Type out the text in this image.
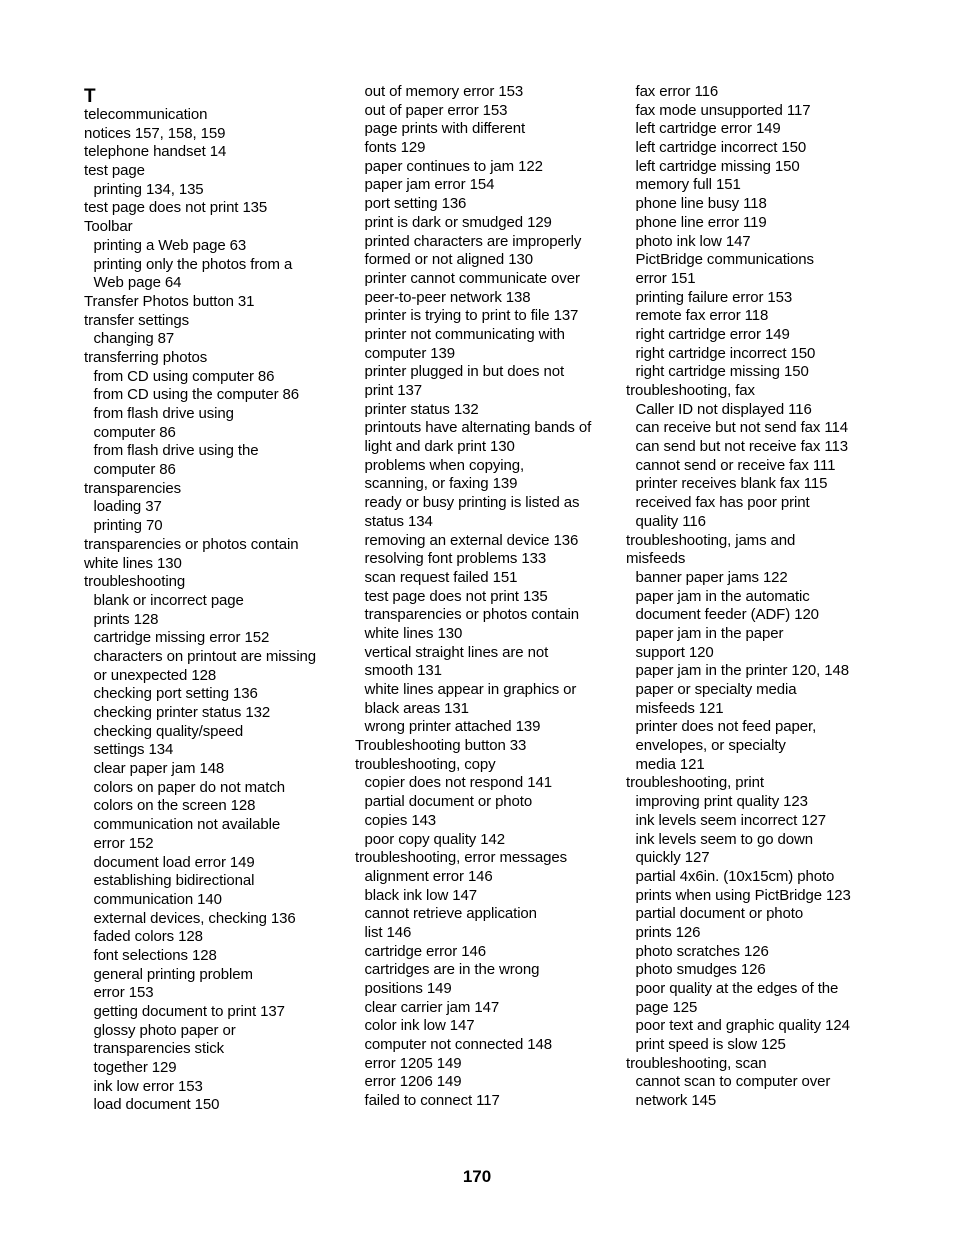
T
telecommunication
notices 157, 158, 159
telephone handset 14
test page
printing 134, 135
test page does not print 135
Toolbar
printing a Web page 63
printing only the photos from a
Web page 64
Transfer Photos button 31
transfer settings
changing 87
transferring photos
from CD using computer 86
from CD using the computer 86
from flash drive using
computer 86
from flash drive using the
computer 86
transparencies
loading 37
printing 70
transparencies or photos contain
white lines 130
troubleshooting
blank or incorrect page
prints 128
cartridge missing error 152
characters on printout are missing
or unexpected 128
checking port setting 136
checking printer status 132
checking quality/speed
settings 134
clear paper jam 148
colors on paper do not match
colors on the screen 128
communication not available
error 152
document load error 149
establishing bidirectional
communication 140
external devices, checking 136
faded colors 128
font selections 128
general printing problem
error 153
getting document to print 137
glossy photo paper or
transparencies stick
together 129
ink low error 153
load document 150
out of memory error 153
out of paper error 153
page prints with different
fonts 129
paper continues to jam 122
paper jam error 154
port setting 136
print is dark or smudged 129
printed characters are improperly
formed or not aligned 130
printer cannot communicate over
peer-to-peer network 138
printer is trying to print to file 137
printer not communicating with
computer 139
printer plugged in but does not
print 137
printer status 132
printouts have alternating bands of
light and dark print 130
problems when copying,
scanning, or faxing 139
ready or busy printing is listed as
status 134
removing an external device 136
resolving font problems 133
scan request failed 151
test page does not print 135
transparencies or photos contain
white lines 130
vertical straight lines are not
smooth 131
white lines appear in graphics or
black areas 131
wrong printer attached 139
Troubleshooting button 33
troubleshooting, copy
copier does not respond 141
partial document or photo
copies 143
poor copy quality 142
troubleshooting, error messages
alignment error 146
black ink low 147
cannot retrieve application
list 146
cartridge error 146
cartridges are in the wrong
positions 149
clear carrier jam 147
color ink low 147
computer not connected 148
error 1205 149
error 1206 149
failed to connect 117
fax error 116
fax mode unsupported 117
left cartridge error 149
left cartridge incorrect 150
left cartridge missing 150
memory full 151
phone line busy 118
phone line error 119
photo ink low 147
PictBridge communications
error 151
printing failure error 153
remote fax error 118
right cartridge error 149
right cartridge incorrect 150
right cartridge missing 150
troubleshooting, fax
Caller ID not displayed 116
can receive but not send fax 114
can send but not receive fax 113
cannot send or receive fax 111
printer receives blank fax 115
received fax has poor print
quality 116
troubleshooting, jams and
misfeeds
banner paper jams 122
paper jam in the automatic
document feeder (ADF) 120
paper jam in the paper
support 120
paper jam in the printer 120, 148
paper or specialty media
misfeeds 121
printer does not feed paper,
envelopes, or specialty
media 121
troubleshooting, print
improving print quality 123
ink levels seem incorrect 127
ink levels seem to go down
quickly 127
partial 4x6in. (10x15cm) photo
prints when using PictBridge 123
partial document or photo
prints 126
photo scratches 126
photo smudges 126
poor quality at the edges of the
page 125
poor text and graphic quality 124
print speed is slow 125
troubleshooting, scan
cannot scan to computer over
network 145
170
